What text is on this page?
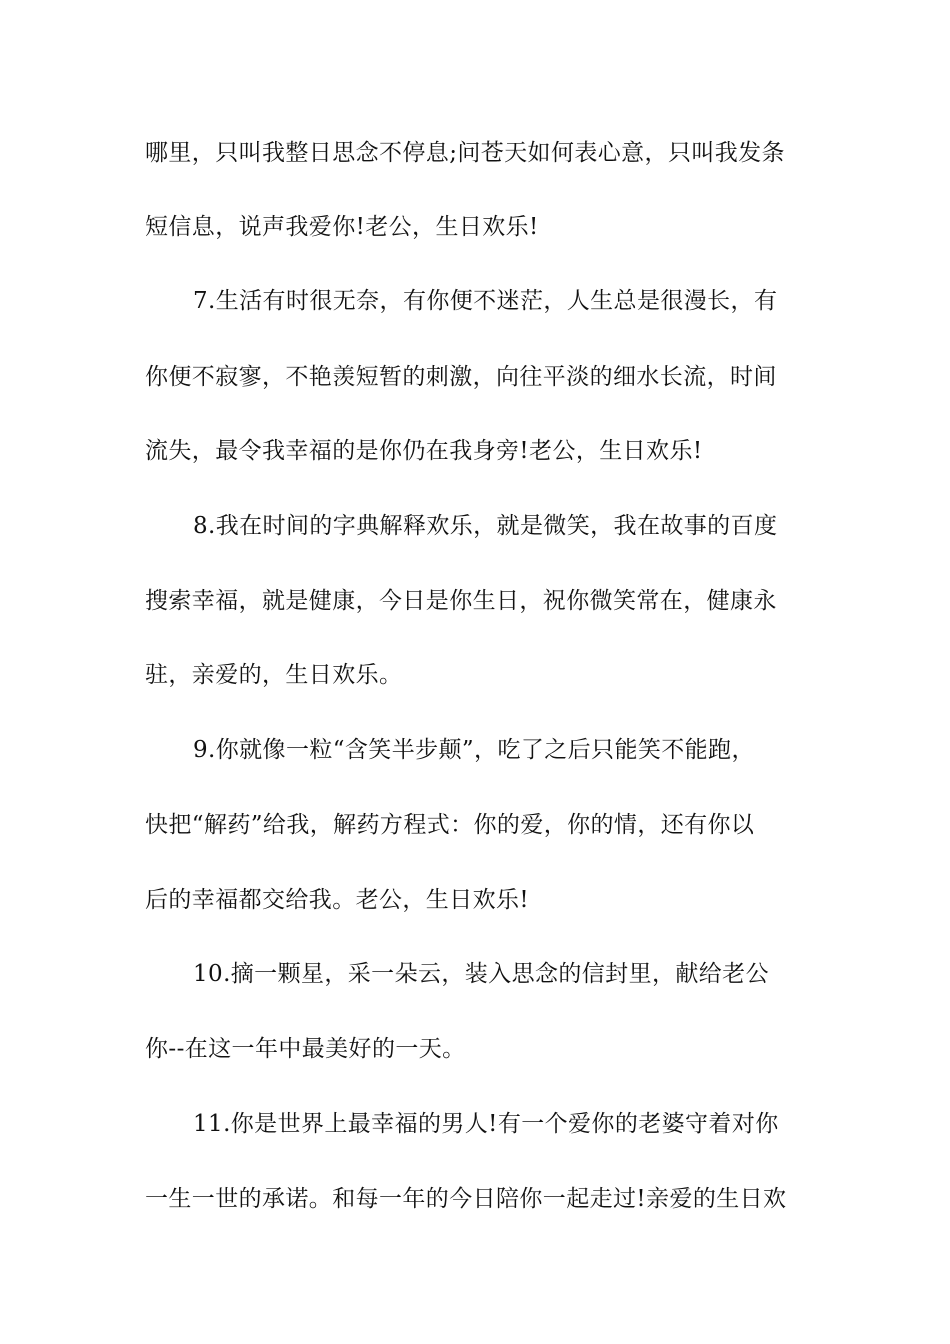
哪里，只叫我整日思念不停息;问苍天如何表心意，只叫我发条
短信息，说声我爱你!老公，生日欢乐!
7.生活有时很无奈，有你便不迷茫，人生总是很漫长，有
你便不寂寥，不艳羡短暂的刺激，向往平淡的细水长流，时间
流失，最令我幸福的是你仍在我身旁!老公，生日欢乐!
8.我在时间的字典解释欢乐，就是微笑，我在故事的百度
搜索幸福，就是健康，今日是你生日，祝你微笑常在，健康永
驻，亲爱的，生日欢乐。
9.你就像一粒“含笑半步颠”，吃了之后只能笑不能跑，
快把“解药”给我，解药方程式：你的爱，你的情，还有你以
后的幸福都交给我。老公，生日欢乐!
10.摘一颗星，采一朵云，装入思念的信封里，献给老公
你--在这一年中最美好的一天。
11.你是世界上最幸福的男人!有一个爱你的老婆守着对你
一生一世的承诺。和每一年的今日陪你一起走过!亲爱的生日欢
